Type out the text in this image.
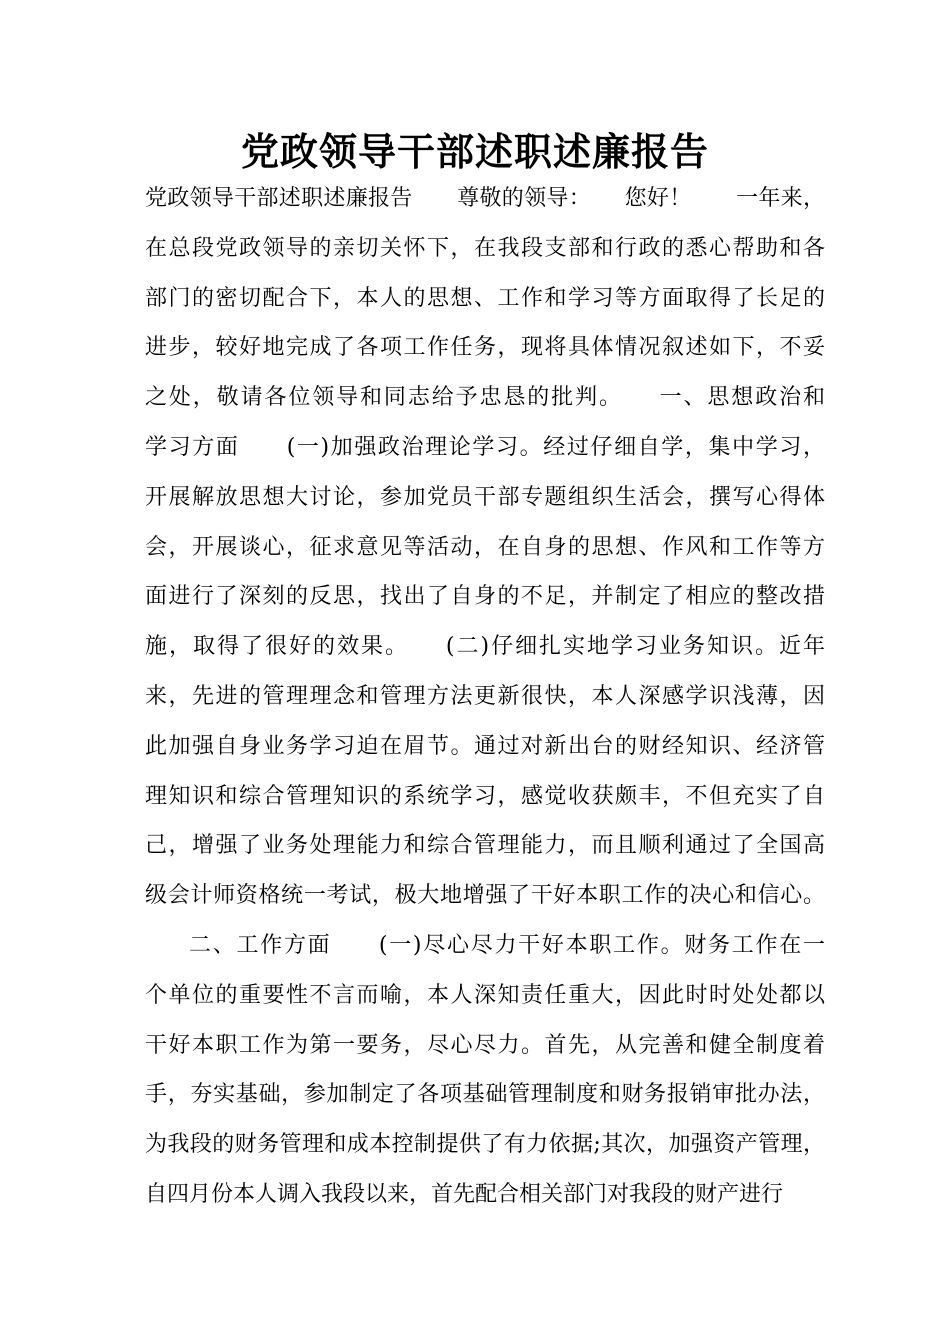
党政领导干部述职述廉报告
党政领导干部述职述廉报告　　尊敬的领导：　　您好！　　一年来，
在总段党政领导的亲切关怀下，在我段支部和行政的悉心帮助和各
部门的密切配合下，本人的思想、工作和学习等方面取得了长足的
进步，较好地完成了各项工作任务，现将具体情况叙述如下，不妥
之处，敬请各位领导和同志给予忠恳的批判。　　一、思想政治和
学习方面　　(一)加强政治理论学习。经过仔细自学，集中学习，
开展解放思想大讨论，参加党员干部专题组织生活会，撰写心得体
会，开展谈心，征求意见等活动，在自身的思想、作风和工作等方
面进行了深刻的反思，找出了自身的不足，并制定了相应的整改措
施，取得了很好的效果。　　(二)仔细扎实地学习业务知识。近年
来，先进的管理理念和管理方法更新很快，本人深感学识浅薄，因
此加强自身业务学习迫在眉节。通过对新出台的财经知识、经济管
理知识和综合管理知识的系统学习，感觉收获颇丰，不但充实了自
己，增强了业务处理能力和综合管理能力，而且顺利通过了全国高
级会计师资格统一考试，极大地增强了干好本职工作的决心和信心。
二、工作方面　　(一)尽心尽力干好本职工作。财务工作在一
个单位的重要性不言而喻，本人深知责任重大，因此时时处处都以
干好本职工作为第一要务，尽心尽力。首先，从完善和健全制度着
手，夯实基础，参加制定了各项基础管理制度和财务报销审批办法，
为我段的财务管理和成本控制提供了有力依据;其次，加强资产管理，
自四月份本人调入我段以来，首先配合相关部门对我段的财产进行
